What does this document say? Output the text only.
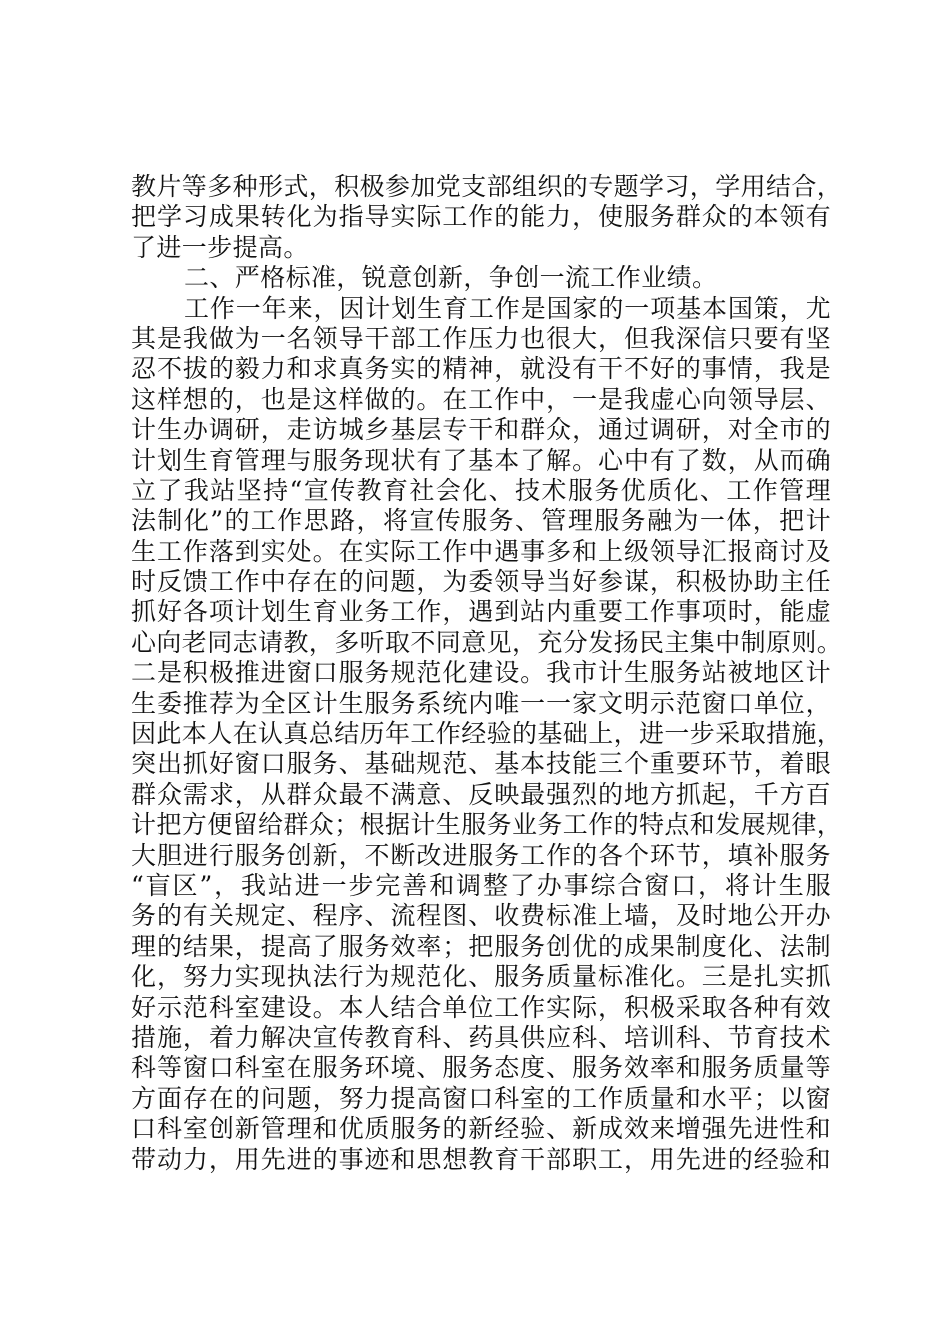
教片等多种形式，积极参加党支部组织的专题学习，学用结合，
把学习成果转化为指导实际工作的能力，使服务群众的本领有
了进一步提高。
二、严格标准，锐意创新，争创一流工作业绩。
工作一年来，因计划生育工作是国家的一项基本国策，尤
其是我做为一名领导干部工作压力也很大，但我深信只要有坚
忍不拔的毅力和求真务实的精神，就没有干不好的事情，我是
这样想的，也是这样做的。在工作中，一是我虚心向领导层、
计生办调研，走访城乡基层专干和群众，通过调研，对全市的
计划生育管理与服务现状有了基本了解。心中有了数，从而确
立了我站坚持“宣传教育社会化、技术服务优质化、工作管理
法制化”的工作思路，将宣传服务、管理服务融为一体，把计
生工作落到实处。在实际工作中遇事多和上级领导汇报商讨及
时反馈工作中存在的问题，为委领导当好参谋，积极协助主任
抓好各项计划生育业务工作，遇到站内重要工作事项时，能虚
心向老同志请教，多听取不同意见，充分发扬民主集中制原则。
二是积极推进窗口服务规范化建设。我市计生服务站被地区计
生委推荐为全区计生服务系统内唯一一家文明示范窗口单位，
因此本人在认真总结历年工作经验的基础上，进一步采取措施，
突出抓好窗口服务、基础规范、基本技能三个重要环节，着眼
群众需求，从群众最不满意、反映最强烈的地方抓起，千方百
计把方便留给群众；根据计生服务业务工作的特点和发展规律，
大胆进行服务创新，不断改进服务工作的各个环节，填补服务
“盲区”，我站进一步完善和调整了办事综合窗口，将计生服
务的有关规定、程序、流程图、收费标准上墙，及时地公开办
理的结果，提高了服务效率；把服务创优的成果制度化、法制
化，努力实现执法行为规范化、服务质量标准化。三是扎实抓
好示范科室建设。本人结合单位工作实际，积极采取各种有效
措施，着力解决宣传教育科、药具供应科、培训科、节育技术
科等窗口科室在服务环境、服务态度、服务效率和服务质量等
方面存在的问题，努力提高窗口科室的工作质量和水平；以窗
口科室创新管理和优质服务的新经验、新成效来增强先进性和
带动力，用先进的事迹和思想教育干部职工，用先进的经验和
